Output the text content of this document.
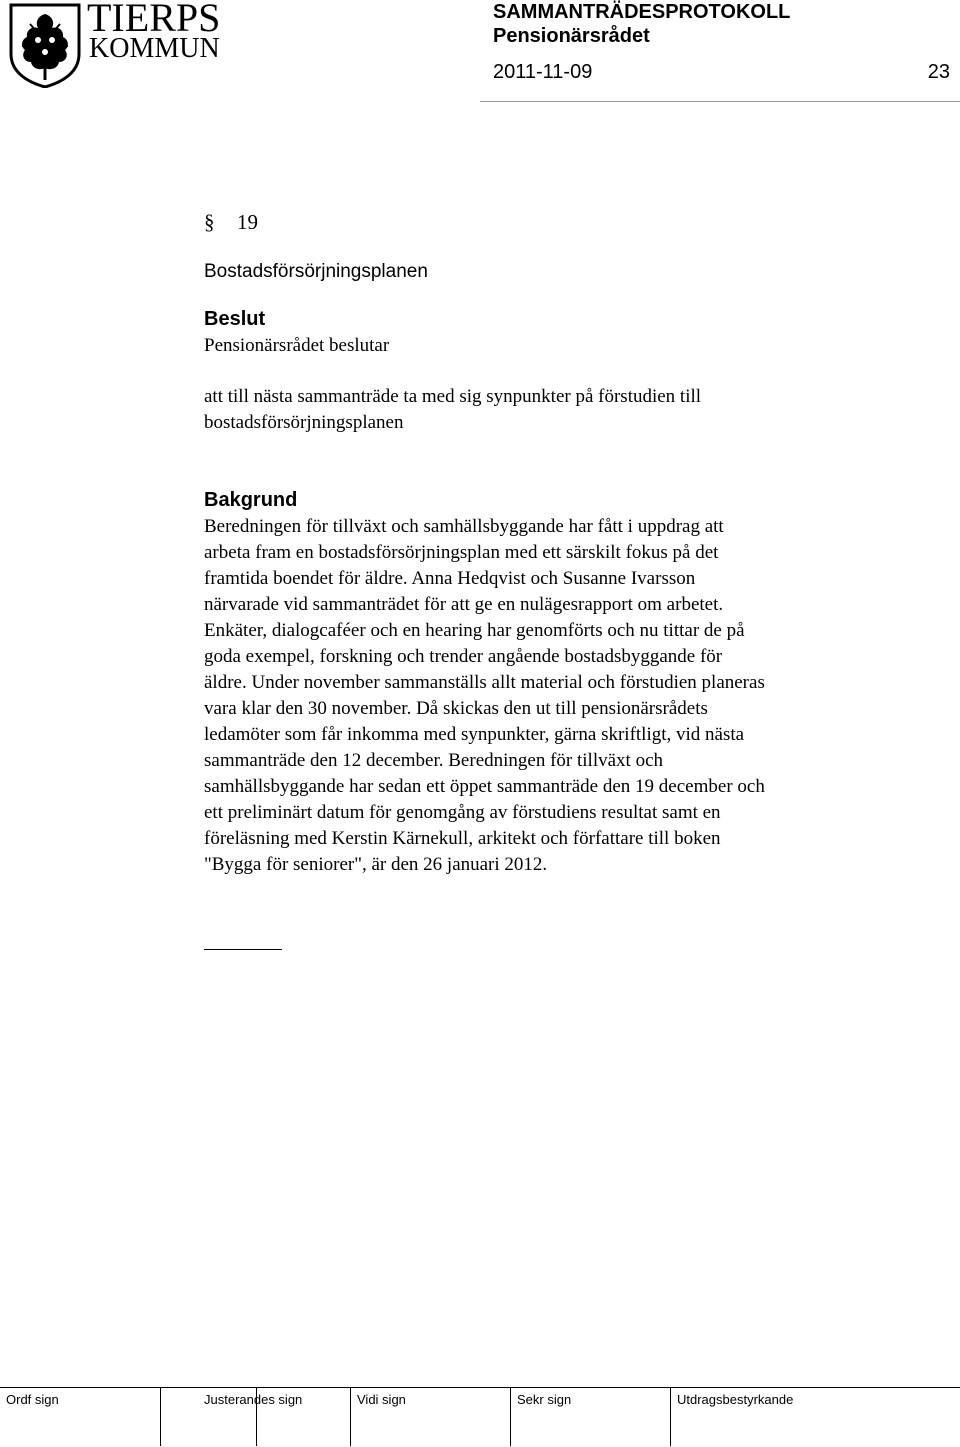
TIERPS
KOMMUN
SAMMANTRÄDESPROTOKOLL
Pensionärsrådet
2011-11-09	23
§ 19
Bostadsförsörjningsplanen
Beslut
Pensionärsrådet beslutar
att till nästa sammanträde ta med sig synpunkter på förstudien till
bostadsförsörjningsplanen
Bakgrund
Beredningen för tillväxt och samhällsbyggande har fått i uppdrag att
arbeta fram en bostadsförsörjningsplan med ett särskilt fokus på det
framtida boendet för äldre. Anna Hedqvist och Susanne Ivarsson
närvarade vid sammanträdet för att ge en nulägesrapport om arbetet.
Enkäter, dialogcaféer och en hearing har genomförts och nu tittar de på
goda exempel, forskning och trender angående bostadsbyggande för
äldre. Under november sammanställs allt material och förstudien planeras
vara klar den 30 november. Då skickas den ut till pensionärsrådets
ledamöter som får inkomma med synpunkter, gärna skriftligt, vid nästa
sammanträde den 12 december. Beredningen för tillväxt och
samhällsbyggande har sedan ett öppet sammanträde den 19 december och
ett preliminärt datum för genomgång av förstudiens resultat samt en
föreläsning med Kerstin Kärnekull, arkitekt och författare till boken
"Bygga för seniorer", är den 26 januari 2012.
Ordf sign	Justerandes sign	Vidi sign	Sekr sign	Utdragsbestyrkande
